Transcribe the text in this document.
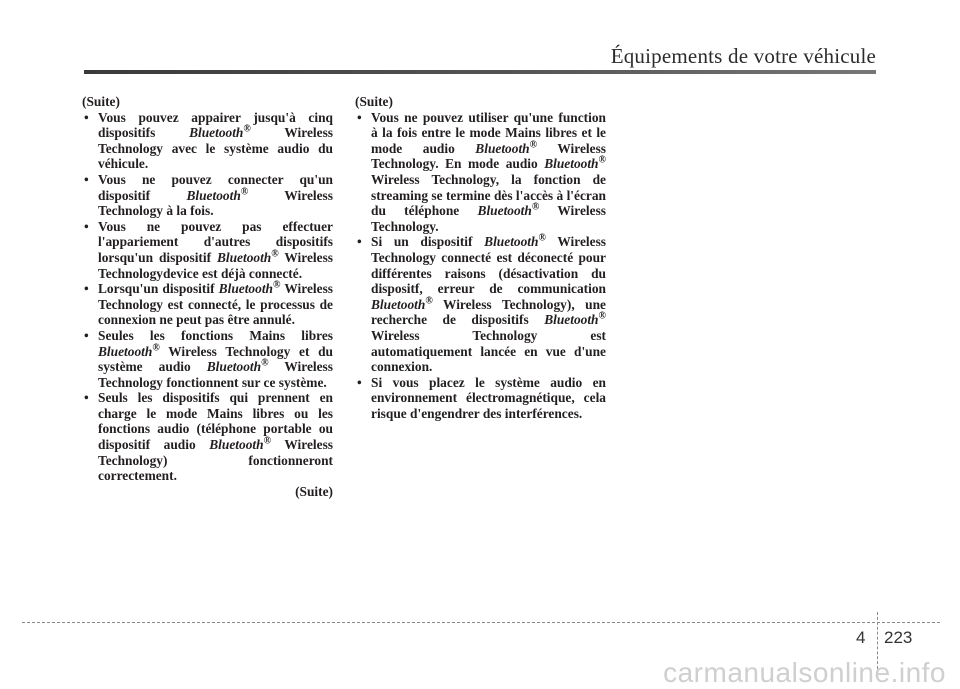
Équipements de votre véhicule

(Suite)

• Vous pouvez appairer jusqu'à cinq dispositifs Bluetooth® Wireless Technology avec le système audio du véhicule.
• Vous ne pouvez connecter qu'un dispositif Bluetooth® Wireless Technology à la fois.
• Vous ne pouvez pas effectuer l'appariement d'autres dispositifs lorsqu'un dispositif Bluetooth® Wireless Technologydevice est déjà connecté.
• Lorsqu'un dispositif Bluetooth® Wireless Technology est connecté, le processus de connexion ne peut pas être annulé.
• Seules les fonctions Mains libres Bluetooth® Wireless Technology et du système audio Bluetooth® Wireless Technology fonctionnent sur ce système.
• Seuls les dispositifs qui prennent en charge le mode Mains libres ou les fonctions audio (téléphone portable ou dispositif audio Bluetooth® Wireless Technology) fonctionneront correctement.

(Suite)

(Suite)

• Vous ne pouvez utiliser qu'une function à la fois entre le mode Mains libres et le mode audio Bluetooth® Wireless Technology. En mode audio Bluetooth® Wireless Technology, la fonction de streaming se termine dès l'accès à l'écran du téléphone Bluetooth® Wireless Technology.
• Si un dispositif Bluetooth® Wireless Technology connecté est déconecté pour différentes raisons (désactivation du dispositf, erreur de communication Bluetooth® Wireless Technology), une recherche de dispositifs Bluetooth® Wireless Technology est automatiquement lancée en vue d'une connexion.
• Si vous placez le système audio en environnement électromagnétique, cela risque d'engendrer des interférences.
4 223
carmanualsonline.info
